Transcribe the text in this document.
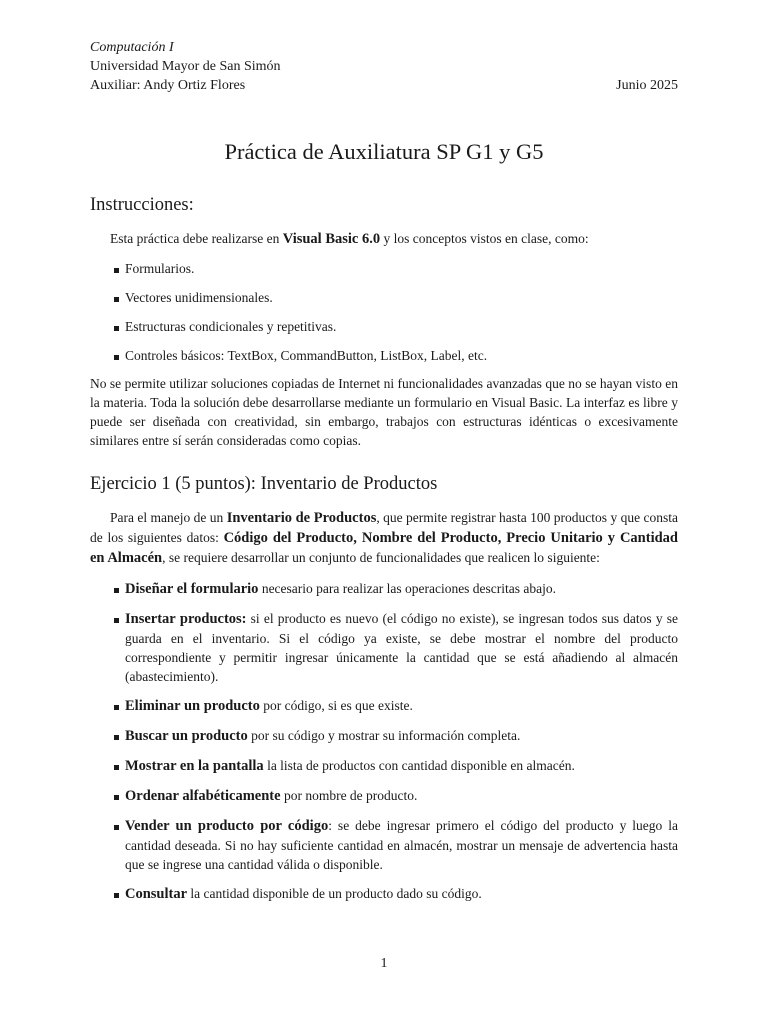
Computación I
Universidad Mayor de San Simón
Auxiliar: Andy Ortiz Flores	Junio 2025
Práctica de Auxiliatura SP G1 y G5
Instrucciones:
Esta práctica debe realizarse en Visual Basic 6.0 y los conceptos vistos en clase, como:
Formularios.
Vectores unidimensionales.
Estructuras condicionales y repetitivas.
Controles básicos: TextBox, CommandButton, ListBox, Label, etc.
No se permite utilizar soluciones copiadas de Internet ni funcionalidades avanzadas que no se hayan visto en la materia. Toda la solución debe desarrollarse mediante un formulario en Visual Basic. La interfaz es libre y puede ser diseñada con creatividad, sin embargo, trabajos con estructuras idénticas o excesivamente similares entre sí serán consideradas como copias.
Ejercicio 1 (5 puntos): Inventario de Productos
Para el manejo de un Inventario de Productos, que permite registrar hasta 100 productos y que consta de los siguientes datos: Código del Producto, Nombre del Producto, Precio Unitario y Cantidad en Almacén, se requiere desarrollar un conjunto de funcionalidades que realicen lo siguiente:
Diseñar el formulario necesario para realizar las operaciones descritas abajo.
Insertar productos: si el producto es nuevo (el código no existe), se ingresan todos sus datos y se guarda en el inventario. Si el código ya existe, se debe mostrar el nombre del producto correspondiente y permitir ingresar únicamente la cantidad que se está añadiendo al almacén (abastecimiento).
Eliminar un producto por código, si es que existe.
Buscar un producto por su código y mostrar su información completa.
Mostrar en la pantalla la lista de productos con cantidad disponible en almacén.
Ordenar alfabéticamente por nombre de producto.
Vender un producto por código: se debe ingresar primero el código del producto y luego la cantidad deseada. Si no hay suficiente cantidad en almacén, mostrar un mensaje de advertencia hasta que se ingrese una cantidad válida o disponible.
Consultar la cantidad disponible de un producto dado su código.
1
